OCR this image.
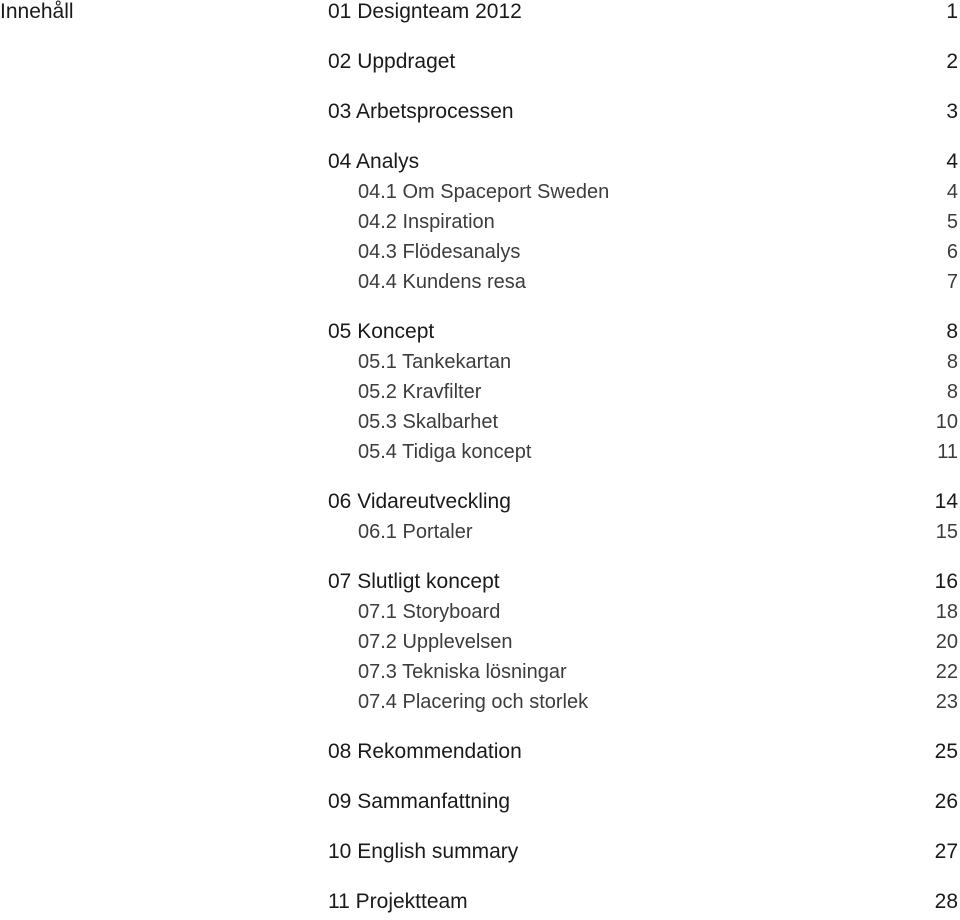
Innehåll	01 Designteam 2012	1
02 Uppdraget	2
03 Arbetsprocessen	3
04 Analys	4
04.1 Om Spaceport Sweden	4
04.2 Inspiration	5
04.3 Flödesanalys	6
04.4 Kundens resa	7
05 Koncept	8
05.1 Tankekartan	8
05.2 Kravfilter	8
05.3 Skalbarhet	10
05.4 Tidiga koncept	11
06 Vidareutveckling	14
06.1 Portaler	15
07 Slutligt koncept	16
07.1 Storyboard	18
07.2 Upplevelsen	20
07.3 Tekniska lösningar	22
07.4 Placering och storlek	23
08 Rekommendation	25
09 Sammanfattning	26
10 English summary	27
11 Projektteam	28
